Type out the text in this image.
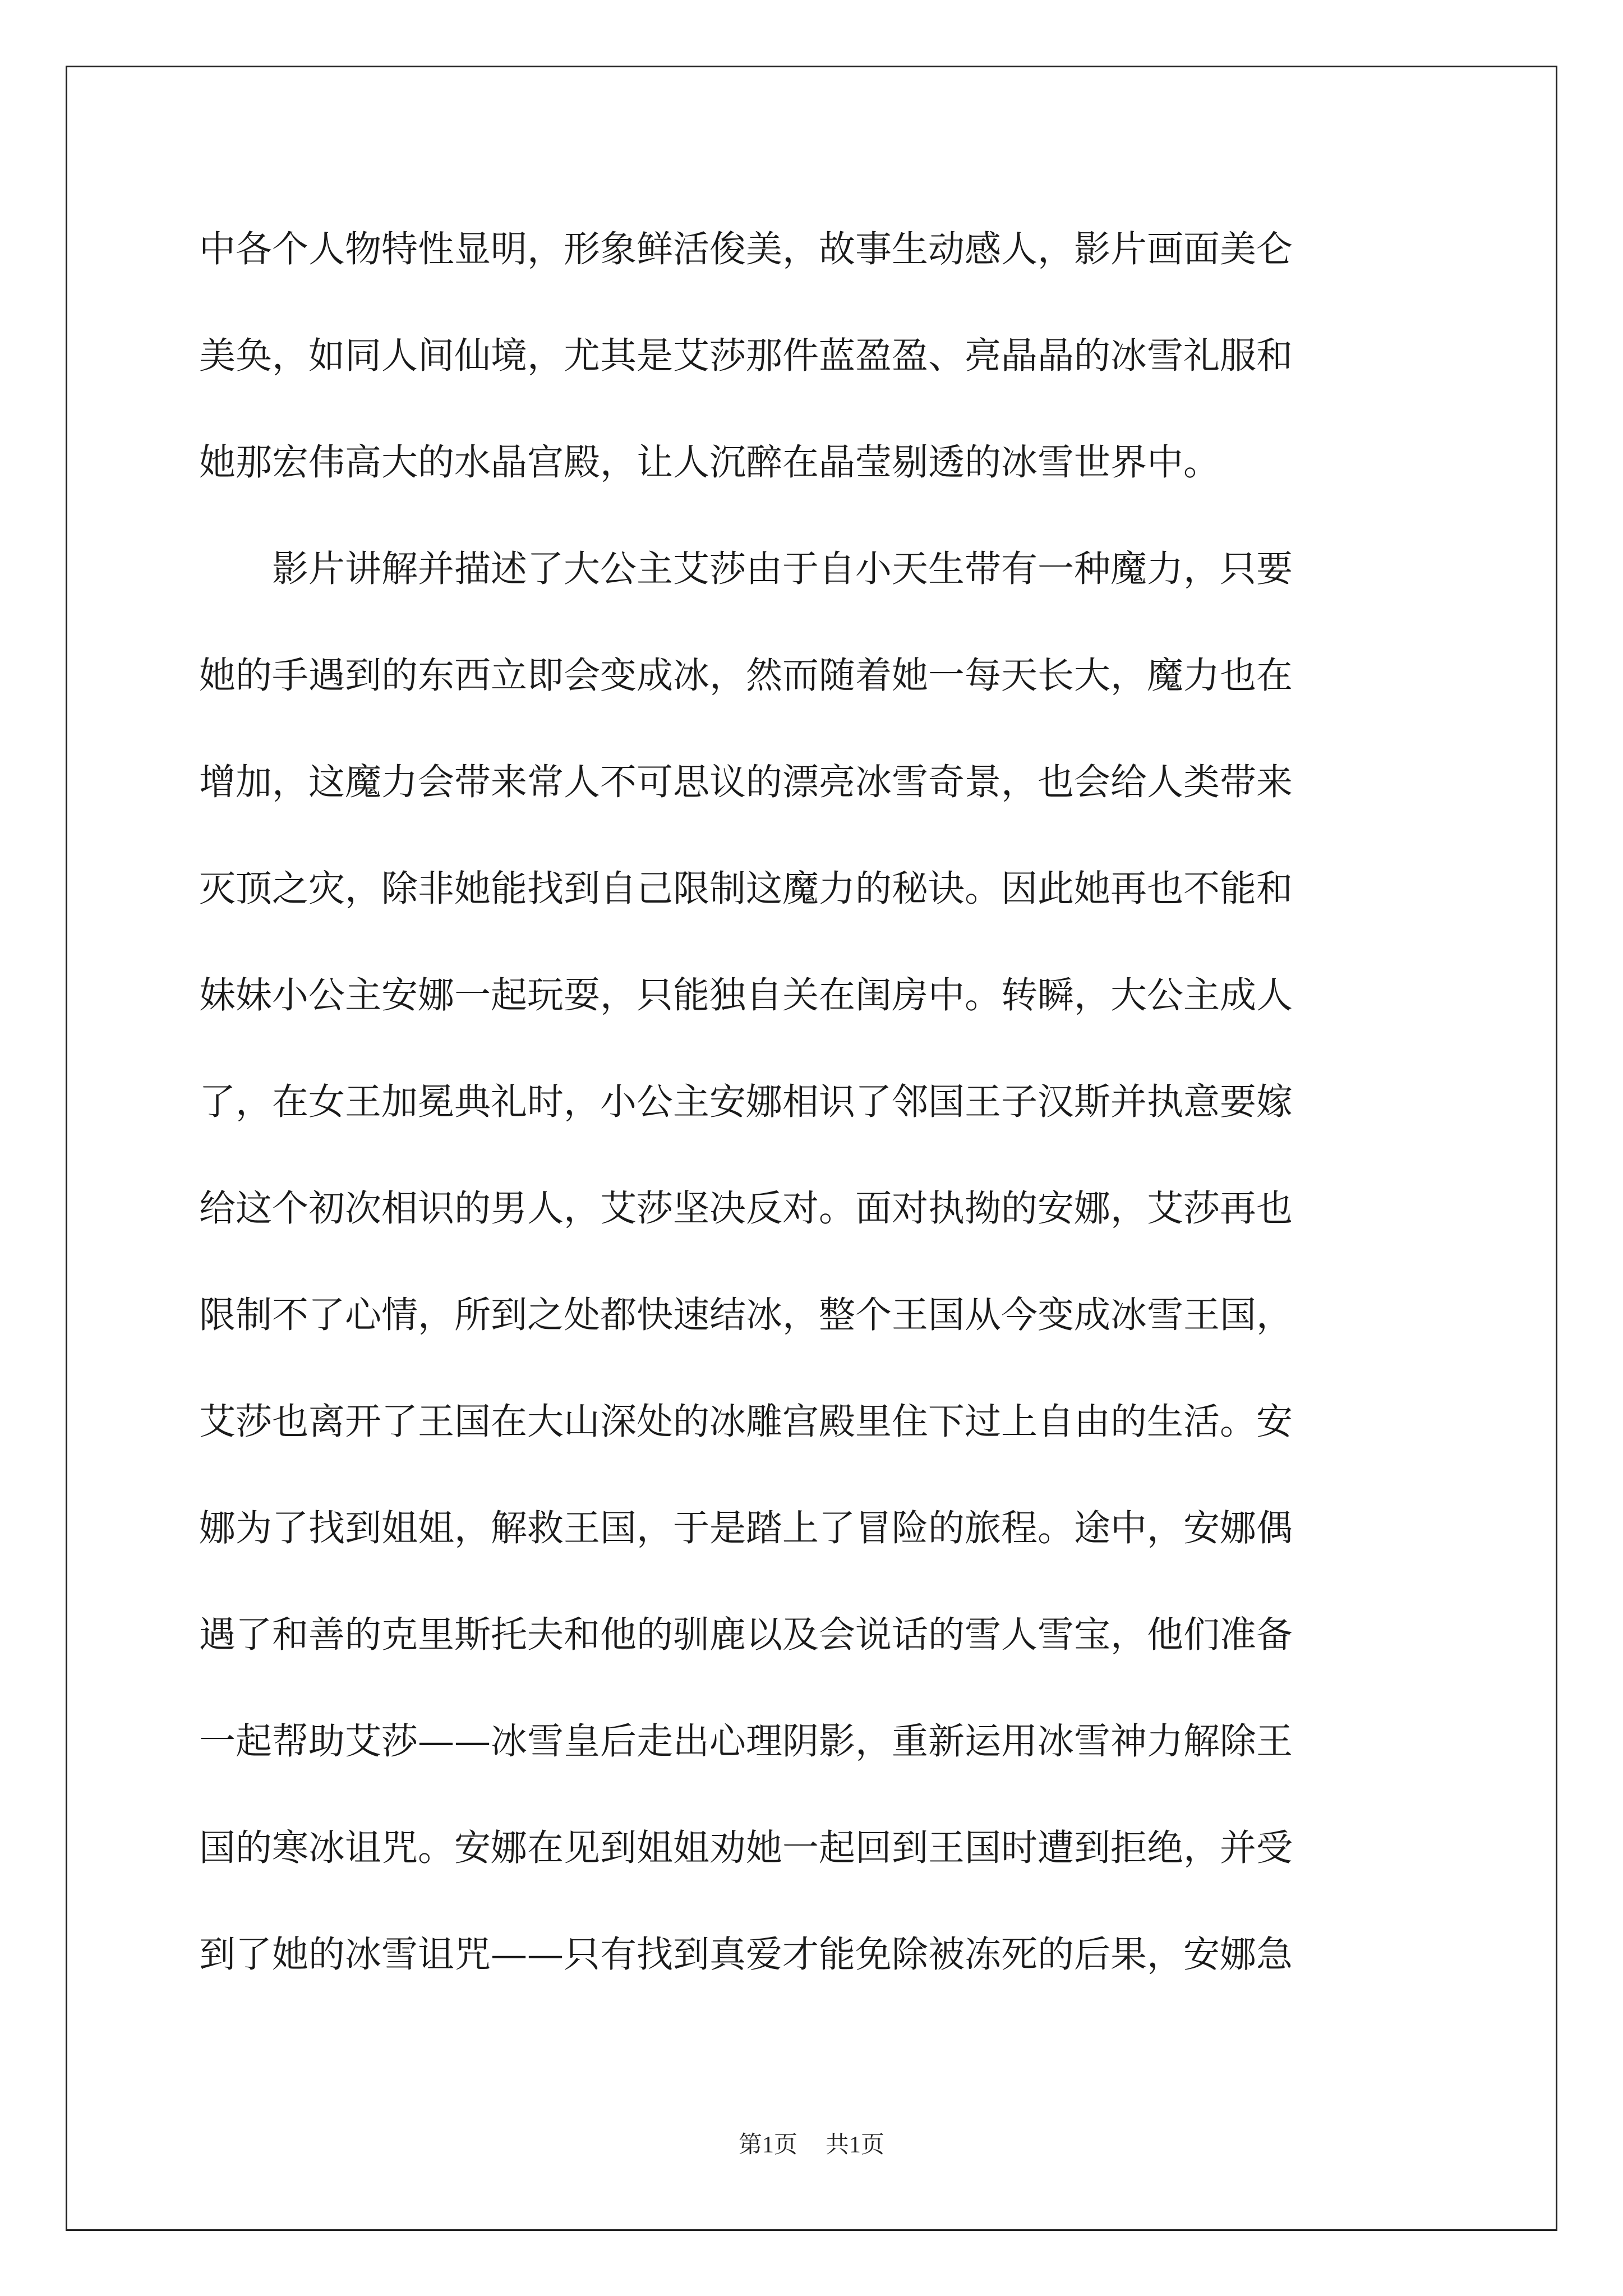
中各个人物特性显明，形象鲜活俊美，故事生动感人，影片画面美仑
美奂，如同人间仙境，尤其是艾莎那件蓝盈盈、亮晶晶的冰雪礼服和
她那宏伟高大的水晶宫殿，让人沉醉在晶莹剔透的冰雪世界中。
影片讲解并描述了大公主艾莎由于自小天生带有一种魔力，只要
她的手遇到的东西立即会变成冰，然而随着她一每天长大，魔力也在
增加，这魔力会带来常人不可思议的漂亮冰雪奇景，也会给人类带来
灭顶之灾，除非她能找到自己限制这魔力的秘诀。因此她再也不能和
妹妹小公主安娜一起玩耍，只能独自关在闺房中。转瞬，大公主成人
了，在女王加冕典礼时，小公主安娜相识了邻国王子汉斯并执意要嫁
给这个初次相识的男人，艾莎坚决反对。面对执拗的安娜，艾莎再也
限制不了心情，所到之处都快速结冰，整个王国从今变成冰雪王国，
艾莎也离开了王国在大山深处的冰雕宫殿里住下过上自由的生活。安
娜为了找到姐姐，解救王国，于是踏上了冒险的旅程。途中，安娜偶
遇了和善的克里斯托夫和他的驯鹿以及会说话的雪人雪宝，他们准备
一起帮助艾莎——冰雪皇后走出心理阴影，重新运用冰雪神力解除王
国的寒冰诅咒。安娜在见到姐姐劝她一起回到王国时遭到拒绝，并受
到了她的冰雪诅咒——只有找到真爱才能免除被冻死的后果，安娜急
第1页 共1页
